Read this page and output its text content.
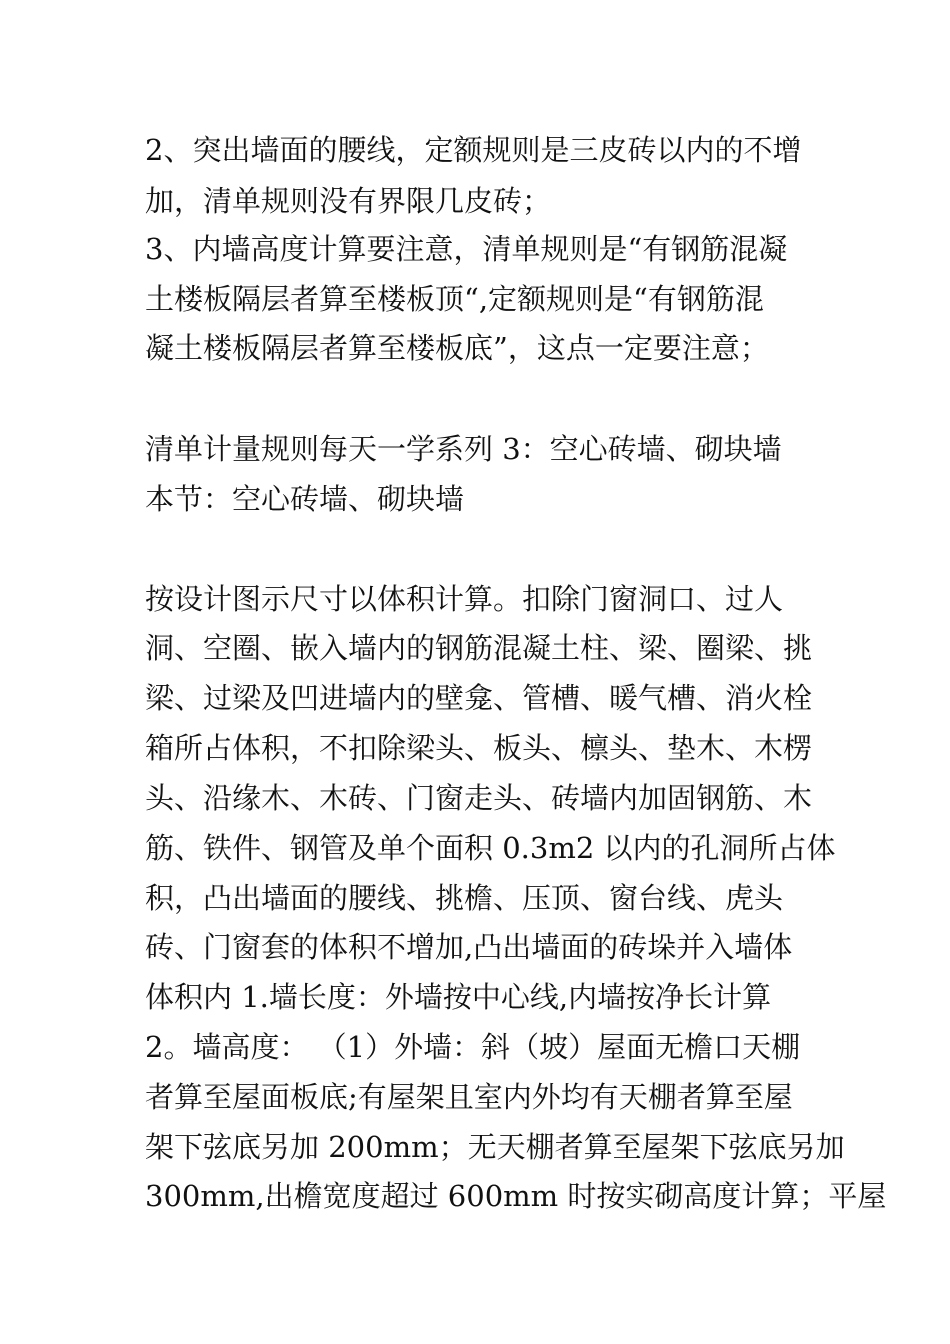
2、突出墙面的腰线，定额规则是三皮砖以内的不增
加，清单规则没有界限几皮砖；
3、内墙高度计算要注意，清单规则是“有钢筋混凝
土楼板隔层者算至楼板顶“,定额规则是“有钢筋混
凝土楼板隔层者算至楼板底”，这点一定要注意；
清单计量规则每天一学系列 3：空心砖墙、砌块墙
本节：空心砖墙、砌块墙
按设计图示尺寸以体积计算。扣除门窗洞口、过人
洞、空圈、嵌入墙内的钢筋混凝土柱、梁、圈梁、挑
梁、过梁及凹进墙内的壁龛、管槽、暖气槽、消火栓
箱所占体积，不扣除梁头、板头、檩头、垫木、木楞
头、沿缘木、木砖、门窗走头、砖墙内加固钢筋、木
筋、铁件、钢管及单个面积 0.3m2 以内的孔洞所占体
积，凸出墙面的腰线、挑檐、压顶、窗台线、虎头
砖、门窗套的体积不增加,凸出墙面的砖垛并入墙体
体积内 1.墙长度：外墙按中心线,内墙按净长计算
2。墙高度： （1）外墙：斜（坡）屋面无檐口天棚
者算至屋面板底;有屋架且室内外均有天棚者算至屋
架下弦底另加 200mm；无天棚者算至屋架下弦底另加
300mm,出檐宽度超过 600mm 时按实砌高度计算；平屋
